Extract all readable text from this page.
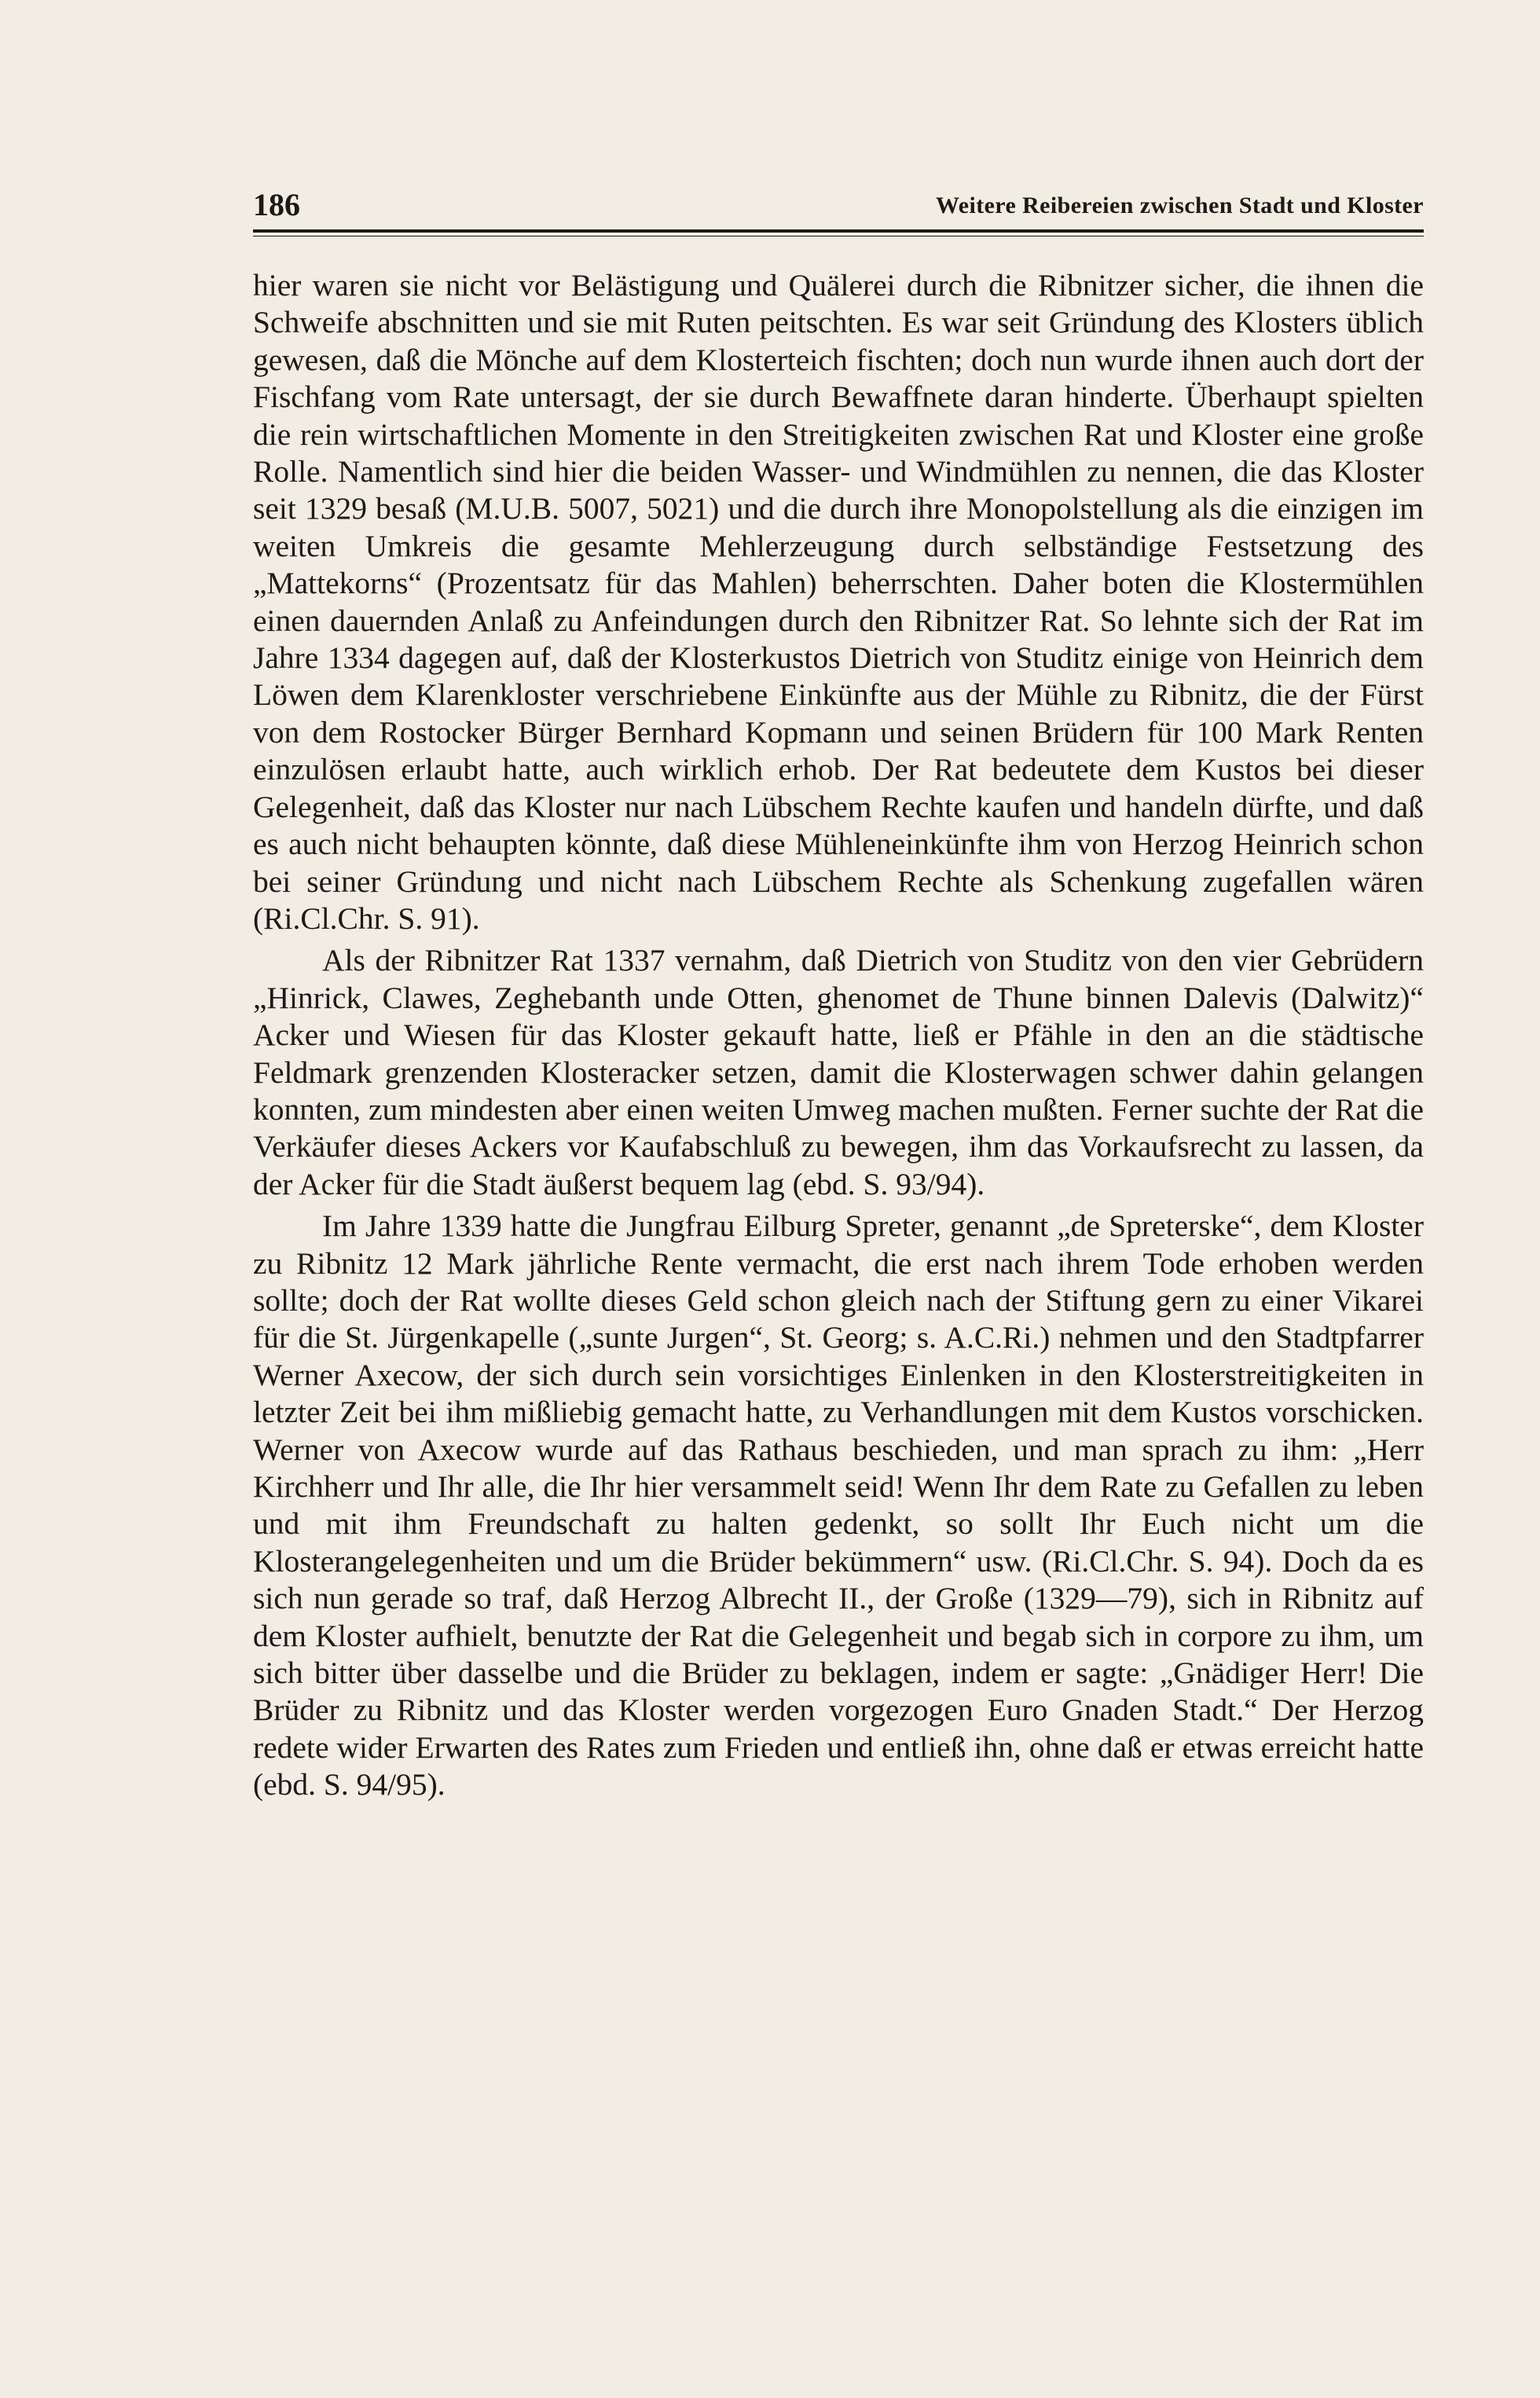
186	Weitere Reibereien zwischen Stadt und Kloster

hier waren sie nicht vor Belästigung und Quälerei durch die Ribnitzer sicher, die ihnen die Schweife abschnitten und sie mit Ruten peitschten. Es war seit Gründung des Klosters üblich gewesen, daß die Mönche auf dem Klosterteich fischten; doch nun wurde ihnen auch dort der Fischfang vom Rate untersagt, der sie durch Bewaffnete daran hinderte. Überhaupt spielten die rein wirtschaftlichen Momente in den Streitigkeiten zwischen Rat und Kloster eine große Rolle. Namentlich sind hier die beiden Wasser- und Windmühlen zu nennen, die das Kloster seit 1329 besaß (M.U.B. 5007, 5021) und die durch ihre Monopolstellung als die einzigen im weiten Umkreis die gesamte Mehlerzeugung durch selbständige Festsetzung des „Mattekorns“ (Prozentsatz für das Mahlen) beherrschten. Daher boten die Klostermühlen einen dauernden Anlaß zu Anfeindungen durch den Ribnitzer Rat. So lehnte sich der Rat im Jahre 1334 dagegen auf, daß der Klosterkustos Dietrich von Studitz einige von Heinrich dem Löwen dem Klarenkloster verschriebene Einkünfte aus der Mühle zu Ribnitz, die der Fürst von dem Rostocker Bürger Bernhard Kopmann und seinen Brüdern für 100 Mark Renten einzulösen erlaubt hatte, auch wirklich erhob. Der Rat bedeutete dem Kustos bei dieser Gelegenheit, daß das Kloster nur nach Lübschem Rechte kaufen und handeln dürfte, und daß es auch nicht behaupten könnte, daß diese Mühleneinkünfte ihm von Herzog Heinrich schon bei seiner Gründung und nicht nach Lübschem Rechte als Schenkung zugefallen wären (Ri.Cl.Chr. S. 91).

Als der Ribnitzer Rat 1337 vernahm, daß Dietrich von Studitz von den vier Gebrüdern „Hinrick, Clawes, Zeghebanth unde Otten, ghenomet de Thune binnen Dalevis (Dalwitz)“ Acker und Wiesen für das Kloster gekauft hatte, ließ er Pfähle in den an die städtische Feldmark grenzenden Klosteracker setzen, damit die Klosterwagen schwer dahin gelangen konnten, zum mindesten aber einen weiten Umweg machen mußten. Ferner suchte der Rat die Verkäufer dieses Ackers vor Kaufabschluß zu bewegen, ihm das Vorkaufsrecht zu lassen, da der Acker für die Stadt äußerst bequem lag (ebd. S. 93/94).

Im Jahre 1339 hatte die Jungfrau Eilburg Spreter, genannt „de Spreterske“, dem Kloster zu Ribnitz 12 Mark jährliche Rente vermacht, die erst nach ihrem Tode erhoben werden sollte; doch der Rat wollte dieses Geld schon gleich nach der Stiftung gern zu einer Vikarei für die St. Jürgenkapelle („sunte Jurgen“, St. Georg; s. A.C.Ri.) nehmen und den Stadtpfarrer Werner Axecow, der sich durch sein vorsichtiges Einlenken in den Klosterstreitigkeiten in letzter Zeit bei ihm mißliebig gemacht hatte, zu Verhandlungen mit dem Kustos vorschicken. Werner von Axecow wurde auf das Rathaus beschieden, und man sprach zu ihm: „Herr Kirchherr und Ihr alle, die Ihr hier versammelt seid! Wenn Ihr dem Rate zu Gefallen zu leben und mit ihm Freundschaft zu halten gedenkt, so sollt Ihr Euch nicht um die Klosterangelegenheiten und um die Brüder bekümmern“ usw. (Ri.Cl.Chr. S. 94). Doch da es sich nun gerade so traf, daß Herzog Albrecht II., der Große (1329—79), sich in Ribnitz auf dem Kloster aufhielt, benutzte der Rat die Gelegenheit und begab sich in corpore zu ihm, um sich bitter über dasselbe und die Brüder zu beklagen, indem er sagte: „Gnädiger Herr! Die Brüder zu Ribnitz und das Kloster werden vorgezogen Euro Gnaden Stadt.“ Der Herzog redete wider Erwarten des Rates zum Frieden und entließ ihn, ohne daß er etwas erreicht hatte (ebd. S. 94/95).
